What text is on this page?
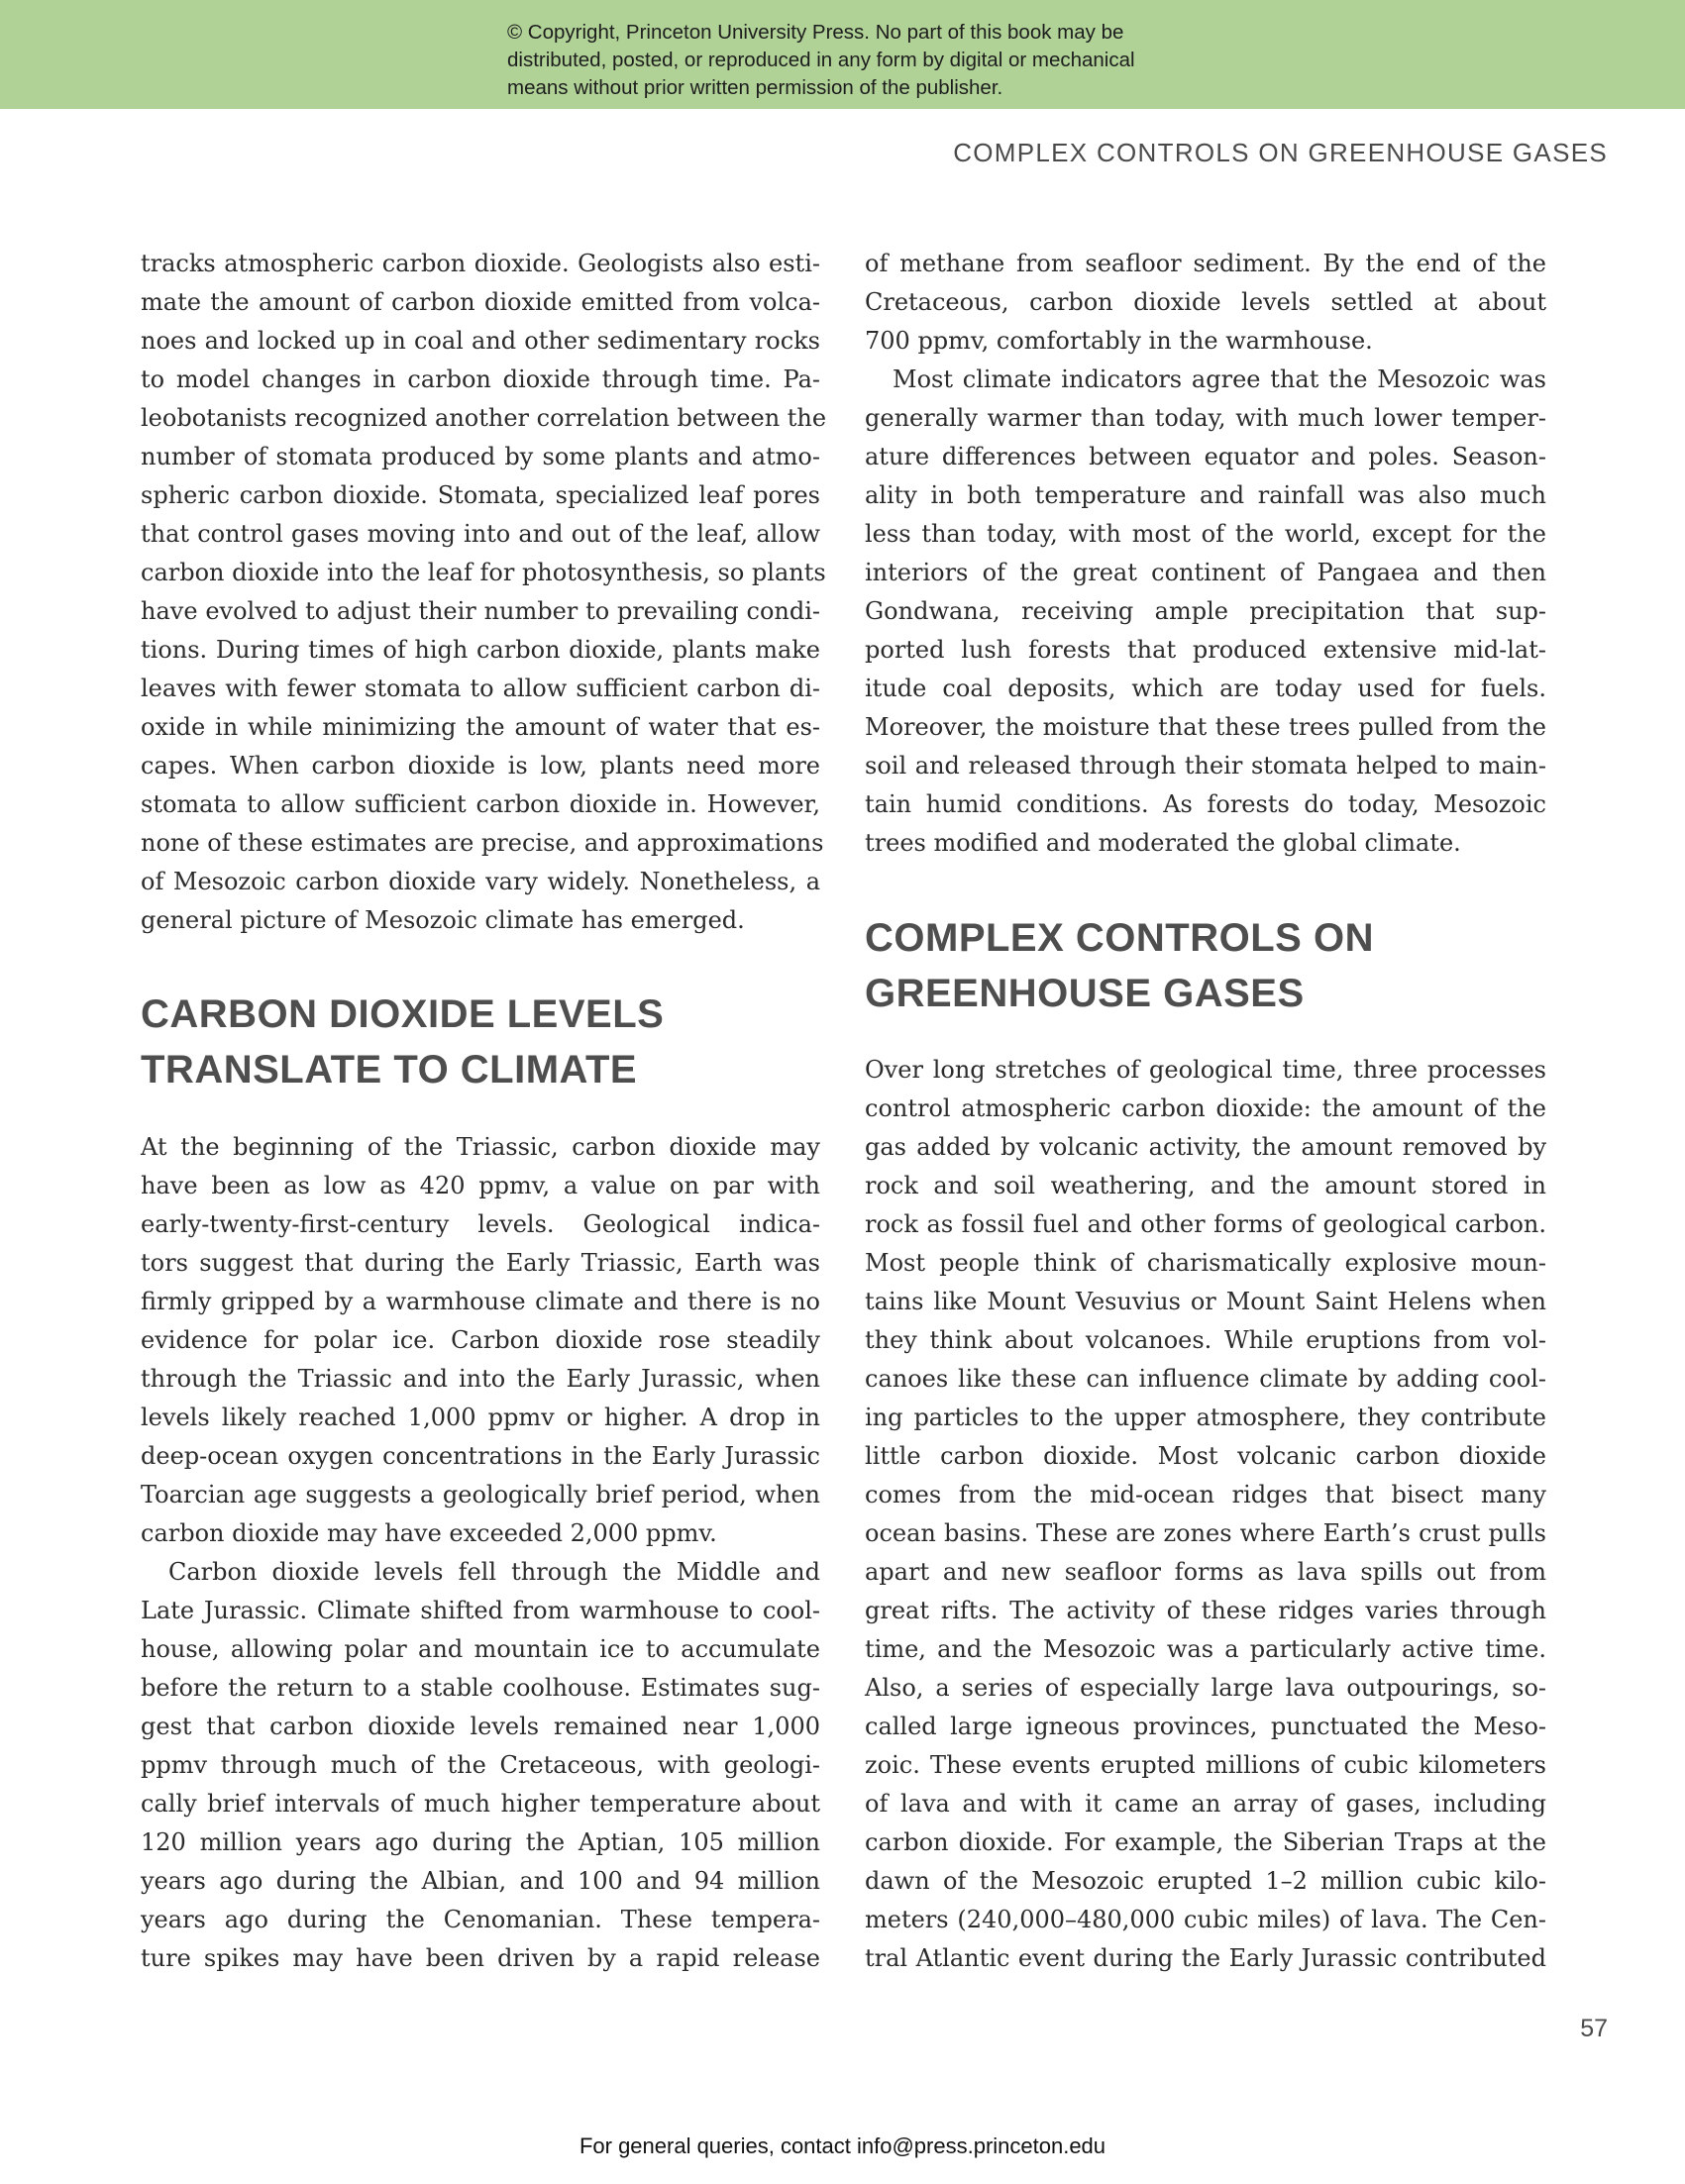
© Copyright, Princeton University Press. No part of this book may be
distributed, posted, or reproduced in any form by digital or mechanical
means without prior written permission of the publisher.

COMPLEX CONTROLS ON GREENHOUSE GASES
tracks atmospheric carbon dioxide. Geologists also esti-
mate the amount of carbon dioxide emitted from volca-
noes and locked up in coal and other sedimentary rocks
to model changes in carbon dioxide through time. Pa-
leobotanists recognized another correlation between the
number of stomata produced by some plants and atmo-
spheric carbon dioxide. Stomata, specialized leaf pores
that control gases moving into and out of the leaf, allow
carbon dioxide into the leaf for photosynthesis, so plants
have evolved to adjust their number to prevailing condi-
tions. During times of high carbon dioxide, plants make
leaves with fewer stomata to allow sufficient carbon di-
oxide in while minimizing the amount of water that es-
capes. When carbon dioxide is low, plants need more
stomata to allow sufficient carbon dioxide in. However,
none of these estimates are precise, and approximations
of Mesozoic carbon dioxide vary widely. Nonetheless, a
general picture of Mesozoic climate has emerged.
CARBON DIOXIDE LEVELS
TRANSLATE TO CLIMATE
At the beginning of the Triassic, carbon dioxide may
have been as low as 420 ppmv, a value on par with
early-twenty-first-century levels. Geological indica-
tors suggest that during the Early Triassic, Earth was
firmly gripped by a warmhouse climate and there is no
evidence for polar ice. Carbon dioxide rose steadily
through the Triassic and into the Early Jurassic, when
levels likely reached 1,000 ppmv or higher. A drop in
deep-ocean oxygen concentrations in the Early Jurassic
Toarcian age suggests a geologically brief period, when
carbon dioxide may have exceeded 2,000 ppmv.
Carbon dioxide levels fell through the Middle and
Late Jurassic. Climate shifted from warmhouse to cool-
house, allowing polar and mountain ice to accumulate
before the return to a stable coolhouse. Estimates sug-
gest that carbon dioxide levels remained near 1,000
ppmv through much of the Cretaceous, with geologi-
cally brief intervals of much higher temperature about
120 million years ago during the Aptian, 105 million
years ago during the Albian, and 100 and 94 million
years ago during the Cenomanian. These tempera-
ture spikes may have been driven by a rapid release
of methane from seafloor sediment. By the end of the
Cretaceous, carbon dioxide levels settled at about
700 ppmv, comfortably in the warmhouse.
Most climate indicators agree that the Mesozoic was
generally warmer than today, with much lower temper-
ature differences between equator and poles. Season-
ality in both temperature and rainfall was also much
less than today, with most of the world, except for the
interiors of the great continent of Pangaea and then
Gondwana, receiving ample precipitation that sup-
ported lush forests that produced extensive mid-lat-
itude coal deposits, which are today used for fuels.
Moreover, the moisture that these trees pulled from the
soil and released through their stomata helped to main-
tain humid conditions. As forests do today, Mesozoic
trees modified and moderated the global climate.
COMPLEX CONTROLS ON
GREENHOUSE GASES
Over long stretches of geological time, three processes
control atmospheric carbon dioxide: the amount of the
gas added by volcanic activity, the amount removed by
rock and soil weathering, and the amount stored in
rock as fossil fuel and other forms of geological carbon.
Most people think of charismatically explosive moun-
tains like Mount Vesuvius or Mount Saint Helens when
they think about volcanoes. While eruptions from vol-
canoes like these can influence climate by adding cool-
ing particles to the upper atmosphere, they contribute
little carbon dioxide. Most volcanic carbon dioxide
comes from the mid-ocean ridges that bisect many
ocean basins. These are zones where Earth’s crust pulls
apart and new seafloor forms as lava spills out from
great rifts. The activity of these ridges varies through
time, and the Mesozoic was a particularly active time.
Also, a series of especially large lava outpourings, so-
called large igneous provinces, punctuated the Meso-
zoic. These events erupted millions of cubic kilometers
of lava and with it came an array of gases, including
carbon dioxide. For example, the Siberian Traps at the
dawn of the Mesozoic erupted 1–2 million cubic kilo-
meters (240,000–480,000 cubic miles) of lava. The Cen-
tral Atlantic event during the Early Jurassic contributed
57
For general queries, contact info@press.princeton.edu
